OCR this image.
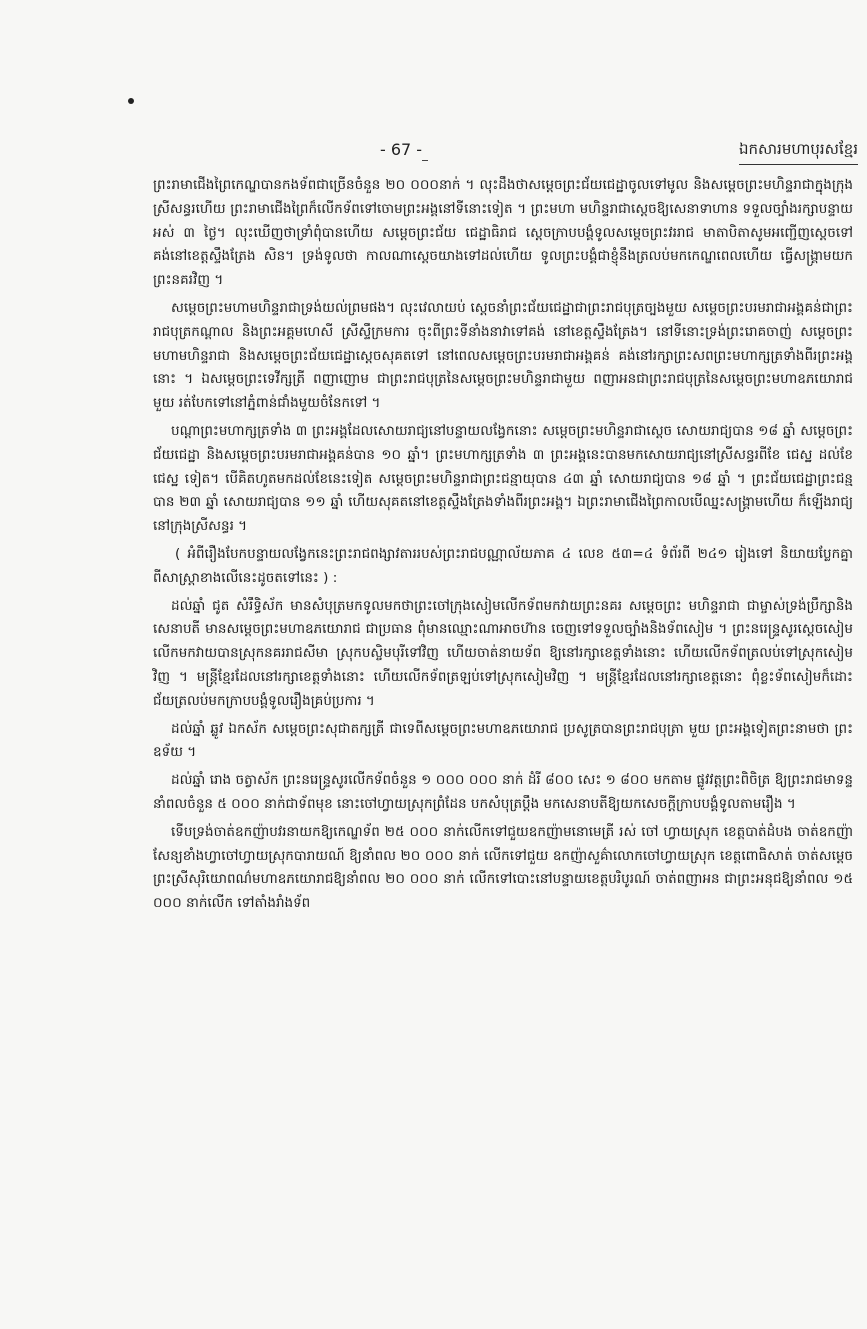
- 67 -	ឯកសារមហាបុរសខ្មែរ

ព្រះរាមាជើងព្រៃកេណ្ឌបានកងទ័ពជាច្រើនចំនួន ២០ ០០០នាក់ ។ លុះដឹងថាសម្តេចព្រះជ័យជេដ្ឋាចូលទៅមូល និងសម្តេចព្រះមហិន្ទរាជាក្នុងក្រុងស្រីសន្ធរហើយ ព្រះរាមាជើងព្រៃក៏លើកទ័ពទៅចោមព្រះអង្គនៅទីនោះទៀត ។ ព្រះមហា មហិន្ទរាជាស្តេចឱ្យសេនាទាហាន ទទួលច្បាំងរក្សាបន្ទាយអស់ ៣ ថ្ងៃ។ លុះឃើញថាទ្រាំពុំបានហើយ សម្តេចព្រះជ័យ ជេដ្ឋាធិរាជ ស្តេចក្រាបបង្គំទូលសម្តេចព្រះវររាជ មាតាបិតាសូមអញ្ជើញស្តេចទៅគង់នៅខេត្តស្ទឹងត្រែង សិន។ ទ្រង់ទូលថា កាលណាស្តេចយាងទៅដល់ហើយ ទូលព្រះបង្គំជាខ្ញុំនឹងត្រលប់មកកេណ្ឌពេលហើយ ធ្វើសង្គ្រាមយក ព្រះនគរវិញ ។

សម្តេចព្រះមហាមហិន្ទរាជាទ្រង់យល់ព្រមផង។ លុះវេលាយប់ ស្តេចនាំព្រះជ័យជេដ្ឋាជាព្រះរាជបុត្រច្បងមួយ សម្តេចព្រះបរមរាជាអង្គគន់ជាព្រះរាជបុត្រកណ្តាល និងព្រះអគ្គមហេសី ស្រីស្ទឹក្រមការ ចុះពីព្រះទីនាំងនាវាទៅគង់ នៅខេត្តស្ទឹងត្រែង។ នៅទីនោះទ្រង់ព្រះរោគចាញ់ សម្តេចព្រះមហាមហិន្ទរាជា និងសម្តេចព្រះជ័យជេដ្ឋាស្តេចសុគតទៅ នៅពេលសម្តេចព្រះបរមរាជាអង្គគន់ គង់នៅរក្សាព្រះសពព្រះមហាក្សត្រទាំងពីរព្រះអង្គនោះ ។ ឯសម្តេចព្រះទេវីក្សត្រី ពញាញោម ជាព្រះរាជបុត្រនៃសម្តេចព្រះមហិន្ទរាជាមួយ ពញាអនជាព្រះរាជបុត្រនៃសម្តេចព្រះមហាឧភយោរាជ មួយ រត់បែកទៅនៅភ្នំពាន់ជាំងមួយចំនែកទៅ ។

បណ្តាព្រះមហាក្សត្រទាំង ៣ ព្រះអង្គដែលសោយរាជ្យនៅបន្ទាយលង្វែកនោះ សម្តេចព្រះមហិន្ទរាជាស្តេច សោយរាជ្យបាន ១៨ ឆ្នាំ សម្តេចព្រះជ័យជេដ្ឋា និងសម្តេចព្រះបរមរាជាអង្គគន់បាន ១០ ឆ្នាំ។ ព្រះមហាក្សត្រទាំង ៣ ព្រះអង្គនេះបានមកសោយរាជ្យនៅស្រីសន្ធរពីខែ ជេស្ឋ ដល់ខែ ជេស្ឋ ទៀត។ បើគិតហូតមកដល់ខែនេះទៀត សម្តេចព្រះមហិន្ទរាជាព្រះជន្មាយុបាន ៤៣ ឆ្នាំ សោយរាជ្យបាន ១៨ ឆ្នាំ ។ ព្រះជ័យជេដ្ឋាព្រះជន្មបាន ២៣ ឆ្នាំ សោយរាជ្យបាន ១១ ឆ្នាំ ហើយសុគតនៅខេត្តស្ទឹងត្រែងទាំងពីរព្រះអង្គ។ ឯព្រះរាមាជើងព្រៃកាលបើឈ្នះសង្គ្រាមហើយ ក៏ឡើងរាជ្យនៅក្រុងស្រីសន្ធរ ។

( អំពីរឿងបែកបន្ទាយលង្វែកនេះព្រះរាជពង្សាវតាររបស់ព្រះរាជបណ្ណាល័យភាគ ៤ លេខ ៥៣=៤ ទំព័រពី ២៤១ រៀងទៅ និយាយប្លែកគ្នាពីសាស្ត្រាខាងលើនេះដូចតទៅនេះ ) :

ដល់ឆ្នាំ ជូត សំរឹទ្ធិស័ក មានសំបុត្រមកទូលមកថាព្រះចៅក្រុងសៀមលើកទ័ពមកវាយព្រះនគរ សម្តេចព្រះ មហិន្ទរាជា ជាម្ចាស់ទ្រង់ប្រឹក្សានិងសេនាបតី មានសម្តេចព្រះមហាឧភយោរាជ ជាប្រធាន ពុំមានឈ្មោះណាអាចហ៊ាន ចេញទៅទទួលច្បាំងនិងទ័ពសៀម ។ ព្រះនរេន្ទ្រសូរស្តេចសៀមលើកមកវាយបានស្រុកនគររាជសីមា ស្រុកបស្ចិមបុរីទៅវិញ ហើយចាត់នាយទ័ព ឱ្យនៅរក្សាខេត្តទាំងនោះ ហើយលើកទ័ពត្រលប់ទៅស្រុកសៀមវិញ ។ មន្ត្រីខ្មែរដែលនៅរក្សាខេត្តទាំងនោះ ហើយលើកទ័ពត្រឡប់ទៅស្រុកសៀមវិញ ។ មន្ត្រីខ្មែរដែលនៅរក្សាខេត្តនោះ ពុំខ្លះទ័ពសៀមក៏ដោះ ជ័យត្រលប់មកក្រាបបង្គំទូលរឿងគ្រប់ប្រការ ។

ដល់ឆ្នាំ ឆ្លូវ ឯកស័ក សម្តេចព្រះសុជាតក្សត្រី ជាទេពីសម្តេចព្រះមហាឧភយោរាជ ប្រសូត្របានព្រះរាជបុត្រា មួយ ព្រះអង្គទៀតព្រះនាមថា ព្រះឧទ័យ ។

ដល់ឆ្នាំ រោង ចត្វាស័ក ព្រះនរេន្ទ្រសូរលើកទ័ពចំនួន ១ ០០០ ០០០ នាក់ ដំរី ៨០០ សេះ ១ ៨០០ មកតាម ផ្លូវវត្តព្រះពិចិត្រ ឱ្យព្រះរាជមាទន្ទនាំពលចំនួន ៥ ០០០ នាក់ជាទ័ពមុខ នោះចៅហ្វាយស្រុកព្រំដែន បកសំបុត្រប្តឹង មកសេនាបតីឱ្យយកសេចក្តីក្រាបបង្គំទូលតាមរឿង ។

ទើបទ្រង់ចាត់ឧកញ៉ាបវរនាយកឱ្យកេណ្ឌទ័ព ២៥ ០០០ នាក់លើកទៅជួយឧកញ៉ាមនោមេត្រី រស់ ចៅ ហ្វាយស្រុក ខេត្តបាត់ដំបង ចាត់ឧកញ៉ាសែន្យខាំងហ្វាចៅហ្វាយស្រុកបារាយណ៍ ឱ្យនាំពល ២០ ០០០ នាក់ លើកទៅជួយ ឧកញ៉ាសួគ៌ាលោកចៅហ្វាយស្រុក ខេត្តពោធិសាត់ ចាត់សម្តេចព្រះស្រីសុរិយោពណ៌មហាឧភយោរាជឱ្យនាំពល ២០ ០០០ នាក់ លើកទៅបោះនៅបន្ទាយខេត្តបរិបូរណ៍ ចាត់ពញាអន ជាព្រះអនុជឱ្យនាំពល ១៥ ០០០ នាក់លើក ទៅតាំងរាំងទ័ព
